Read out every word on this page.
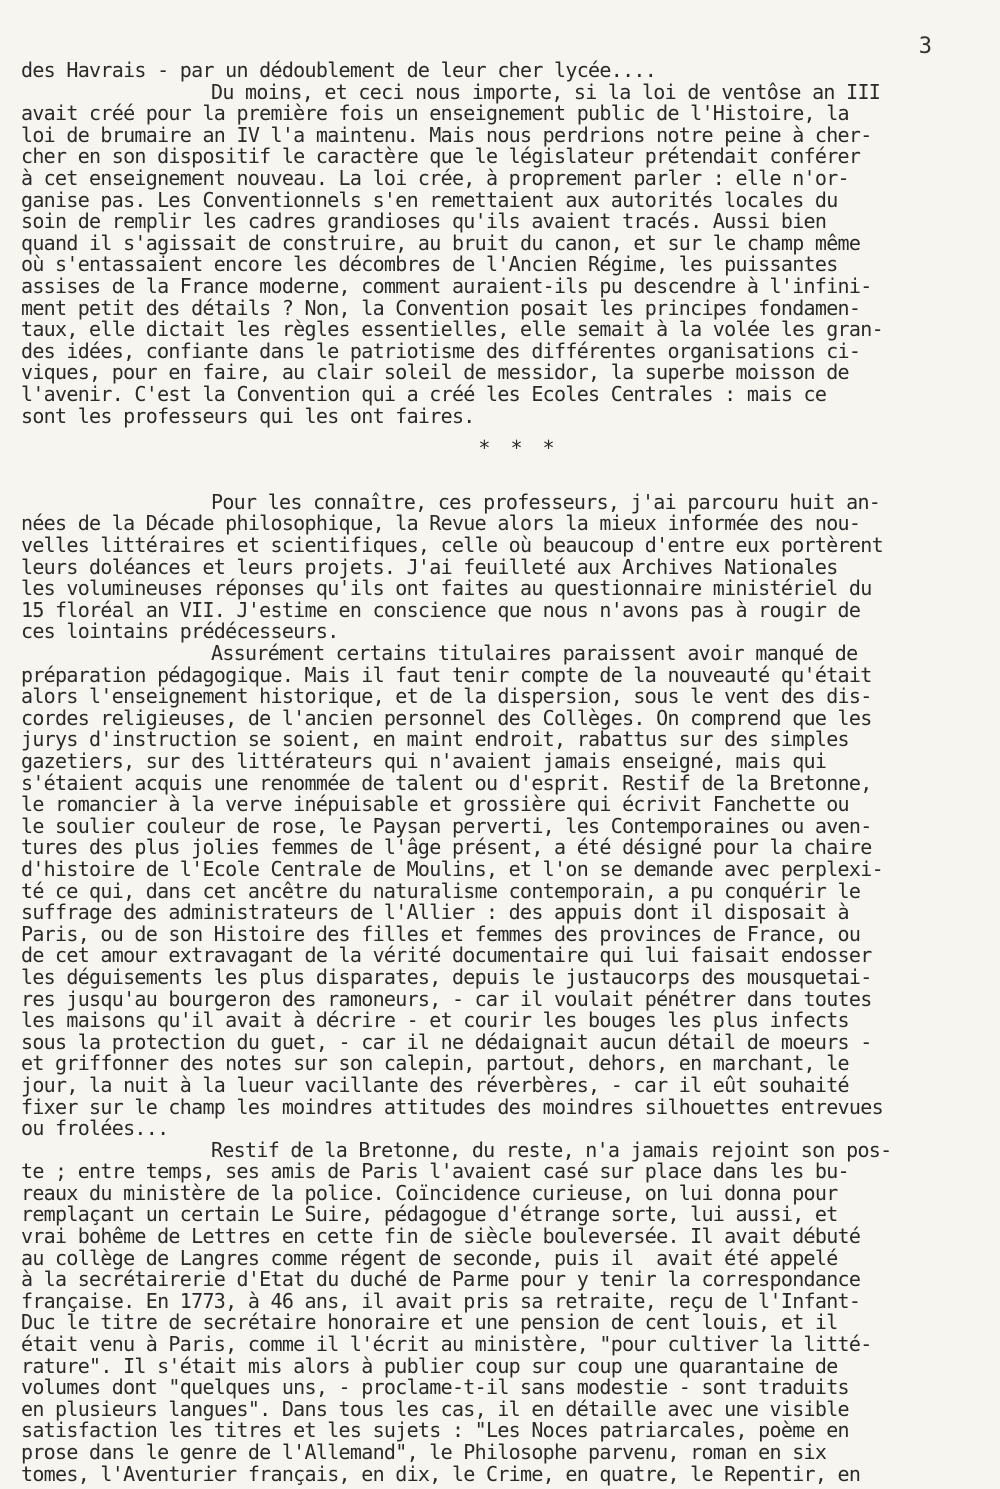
3
des Havrais - par un dédoublement de leur cher lycée....
Du moins, et ceci nous importe, si la loi de ventôse an III
avait créé pour la première fois un enseignement public de l'Histoire, la
loi de brumaire an IV l'a maintenu. Mais nous perdrions notre peine à cher-
cher en son dispositif le caractère que le législateur prétendait conférer
à cet enseignement nouveau. La loi crée, à proprement parler : elle n'or-
ganise pas. Les Conventionnels s'en remettaient aux autorités locales du
soin de remplir les cadres grandioses qu'ils avaient tracés. Aussi bien
quand il s'agissait de construire, au bruit du canon, et sur le champ même
où s'entassaient encore les décombres de l'Ancien Régime, les puissantes
assises de la France moderne, comment auraient-ils pu descendre à l'infini-
ment petit des détails ? Non, la Convention posait les principes fondamen-
taux, elle dictait les règles essentielles, elle semait à la volée les gran-
des idées, confiante dans le patriotisme des différentes organisations ci-
viques, pour en faire, au clair soleil de messidor, la superbe moisson de
l'avenir. C'est la Convention qui a créé les Ecoles Centrales : mais ce
sont les professeurs qui les ont faires.
* * *
Pour les connaître, ces professeurs, j'ai parcouru huit an-
nées de la Décade philosophique, la Revue alors la mieux informée des nou-
velles littéraires et scientifiques, celle où beaucoup d'entre eux portèrent
leurs doléances et leurs projets. J'ai feuilleté aux Archives Nationales
les volumineuses réponses qu'ils ont faites au questionnaire ministériel du
15 floréal an VII. J'estime en conscience que nous n'avons pas à rougir de
ces lointains prédécesseurs.
Assurément certains titulaires paraissent avoir manqué de
préparation pédagogique. Mais il faut tenir compte de la nouveauté qu'était
alors l'enseignement historique, et de la dispersion, sous le vent des dis-
cordes religieuses, de l'ancien personnel des Collèges. On comprend que les
jurys d'instruction se soient, en maint endroit, rabattus sur des simples
gazetiers, sur des littérateurs qui n'avaient jamais enseigné, mais qui
s'étaient acquis une renommée de talent ou d'esprit. Restif de la Bretonne,
le romancier à la verve inépuisable et grossière qui écrivit Fanchette ou
le soulier couleur de rose, le Paysan perverti, les Contemporaines ou aven-
tures des plus jolies femmes de l'âge présent, a été désigné pour la chaire
d'histoire de l'Ecole Centrale de Moulins, et l'on se demande avec perplexi-
té ce qui, dans cet ancêtre du naturalisme contemporain, a pu conquérir le
suffrage des administrateurs de l'Allier : des appuis dont il disposait à
Paris, ou de son Histoire des filles et femmes des provinces de France, ou
de cet amour extravagant de la vérité documentaire qui lui faisait endosser
les déguisements les plus disparates, depuis le justaucorps des mousquetai-
res jusqu'au bourgeron des ramoneurs, - car il voulait pénétrer dans toutes
les maisons qu'il avait à décrire - et courir les bouges les plus infects
sous la protection du guet, - car il ne dédaignait aucun détail de moeurs -
et griffonner des notes sur son calepin, partout, dehors, en marchant, le
jour, la nuit à la lueur vacillante des réverbères, - car il eût souhaité
fixer sur le champ les moindres attitudes des moindres silhouettes entrevues
ou frolées...
Restif de la Bretonne, du reste, n'a jamais rejoint son pos-
te ; entre temps, ses amis de Paris l'avaient casé sur place dans les bu-
reaux du ministère de la police. Coïncidence curieuse, on lui donna pour
remplaçant un certain Le Suire, pédagogue d'étrange sorte, lui aussi, et
vrai bohême de Lettres en cette fin de siècle bouleversée. Il avait débuté
au collège de Langres comme régent de seconde, puis il  avait été appelé
à la secrétairerie d'Etat du duché de Parme pour y tenir la correspondance
française. En 1773, à 46 ans, il avait pris sa retraite, reçu de l'Infant-
Duc le titre de secrétaire honoraire et une pension de cent louis, et il
était venu à Paris, comme il l'écrit au ministère, "pour cultiver la litté-
rature". Il s'était mis alors à publier coup sur coup une quarantaine de
volumes dont "quelques uns, - proclame-t-il sans modestie - sont traduits
en plusieurs langues". Dans tous les cas, il en détaille avec une visible
satisfaction les titres et les sujets : "Les Noces patriarcales, poème en
prose dans le genre de l'Allemand", le Philosophe parvenu, roman en six
tomes, l'Aventurier français, en dix, le Crime, en quatre, le Repentir, en
